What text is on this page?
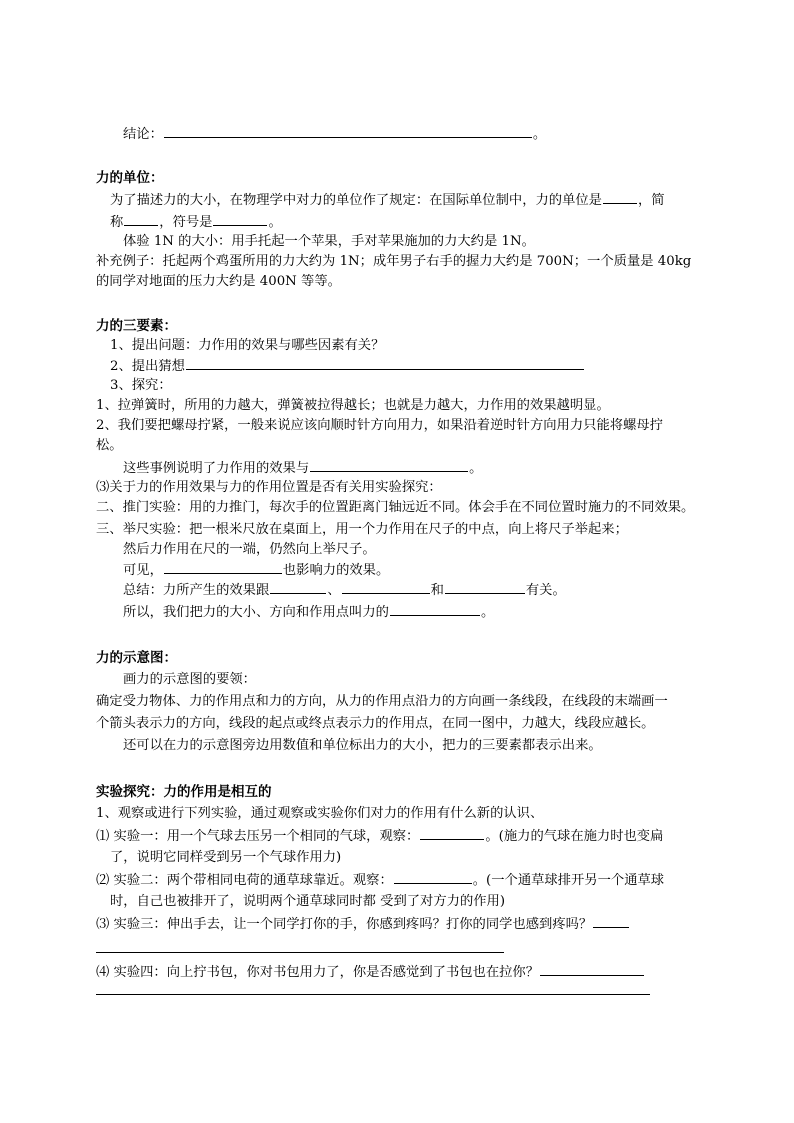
结论：	。
力的单位：
为了描述力的大小，在物理学中对力的单位作了规定：在国际单位制中，力的单位是	，简
称	，符号是	。
体验 1N 的大小：用手托起一个苹果，手对苹果施加的力大约是 1N。
补充例子：托起两个鸡蛋所用的力大约为 1N；成年男子右手的握力大约是 700N；一个质量是 40kg
的同学对地面的压力大约是 400N 等等。
力的三要素：
1、提出问题：力作用的效果与哪些因素有关？
2、提出猜想
3、探究：
1、拉弹簧时，所用的力越大，弹簧被拉得越长；也就是力越大，力作用的效果越明显。
2、我们要把螺母拧紧，一般来说应该向顺时针方向用力，如果沿着逆时针方向用力只能将螺母拧
松。
这些事例说明了力作用的效果与	。
⑶关于力的作用效果与力的作用位置是否有关用实验探究：
二、推门实验：用的力推门，每次手的位置距离门轴远近不同。体会手在不同位置时施力的不同效果。
三、举尺实验：把一根米尺放在桌面上，用一个力作用在尺子的中点，向上将尺子举起来；
然后力作用在尺的一端，仍然向上举尺子。
可见，	也影响力的效果。
总结：力所产生的效果跟	、	和	有关。
所以，我们把力的大小、方向和作用点叫力的	。
力的示意图：
画力的示意图的要领：
确定受力物体、力的作用点和力的方向，从力的作用点沿力的方向画一条线段，在线段的末端画一
个箭头表示力的方向，线段的起点或终点表示力的作用点，在同一图中，力越大，线段应越长。
还可以在力的示意图旁边用数值和单位标出力的大小，把力的三要素都表示出来。
实验探究：力的作用是相互的
1、观察或进行下列实验，通过观察或实验你们对力的作用有什么新的认识、
⑴ 实验一：用一个气球去压另一个相同的气球，观察：	。(施力的气球在施力时也变扁
了，说明它同样受到另一个气球作用力)
⑵ 实验二：两个带相同电荷的通草球靠近。观察：	。(一个通草球排开另一个通草球
时，自己也被排开了，说明两个通草球同时都 受到了对方力的作用)
⑶ 实验三：伸出手去，让一个同学打你的手，你感到疼吗？打你的同学也感到疼吗？
⑷ 实验四：向上拧书包，你对书包用力了，你是否感觉到了书包也在拉你？
